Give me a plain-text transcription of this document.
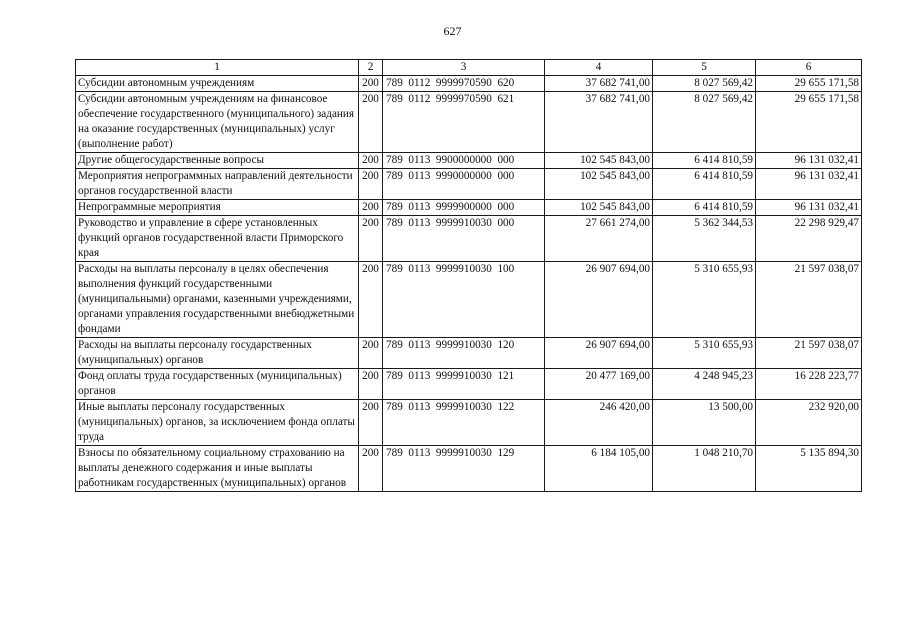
627
1	2	3	4	5	6
Субсидии автономным учреждениям	200	789  0112  9999970590  620	37 682 741,00	8 027 569,42	29 655 171,58
Субсидии автономным учреждениям на финансовое обеспечение государственного (муниципального) задания на оказание государственных (муниципальных) услуг (выполнение работ)	200	789  0112  9999970590  621	37 682 741,00	8 027 569,42	29 655 171,58
Другие общегосударственные вопросы	200	789  0113  9900000000  000	102 545 843,00	6 414 810,59	96 131 032,41
Мероприятия непрограммных направлений деятельности органов государственной власти	200	789  0113  9990000000  000	102 545 843,00	6 414 810,59	96 131 032,41
Непрограммные мероприятия	200	789  0113  9999900000  000	102 545 843,00	6 414 810,59	96 131 032,41
Руководство и управление в сфере установленных функций органов государственной власти Приморского края	200	789  0113  9999910030  000	27 661 274,00	5 362 344,53	22 298 929,47
Расходы на выплаты персоналу в целях обеспечения выполнения функций государственными (муниципальными) органами, казенными учреждениями, органами управления государственными внебюджетными фондами	200	789  0113  9999910030  100	26 907 694,00	5 310 655,93	21 597 038,07
Расходы на выплаты персоналу государственных (муниципальных) органов	200	789  0113  9999910030  120	26 907 694,00	5 310 655,93	21 597 038,07
Фонд оплаты труда государственных (муниципальных) органов	200	789  0113  9999910030  121	20 477 169,00	4 248 945,23	16 228 223,77
Иные выплаты персоналу государственных (муниципальных) органов, за исключением фонда оплаты труда	200	789  0113  9999910030  122	246 420,00	13 500,00	232 920,00
Взносы по обязательному социальному страхованию на выплаты денежного содержания и иные выплаты работникам государственных (муниципальных) органов	200	789  0113  9999910030  129	6 184 105,00	1 048 210,70	5 135 894,30
